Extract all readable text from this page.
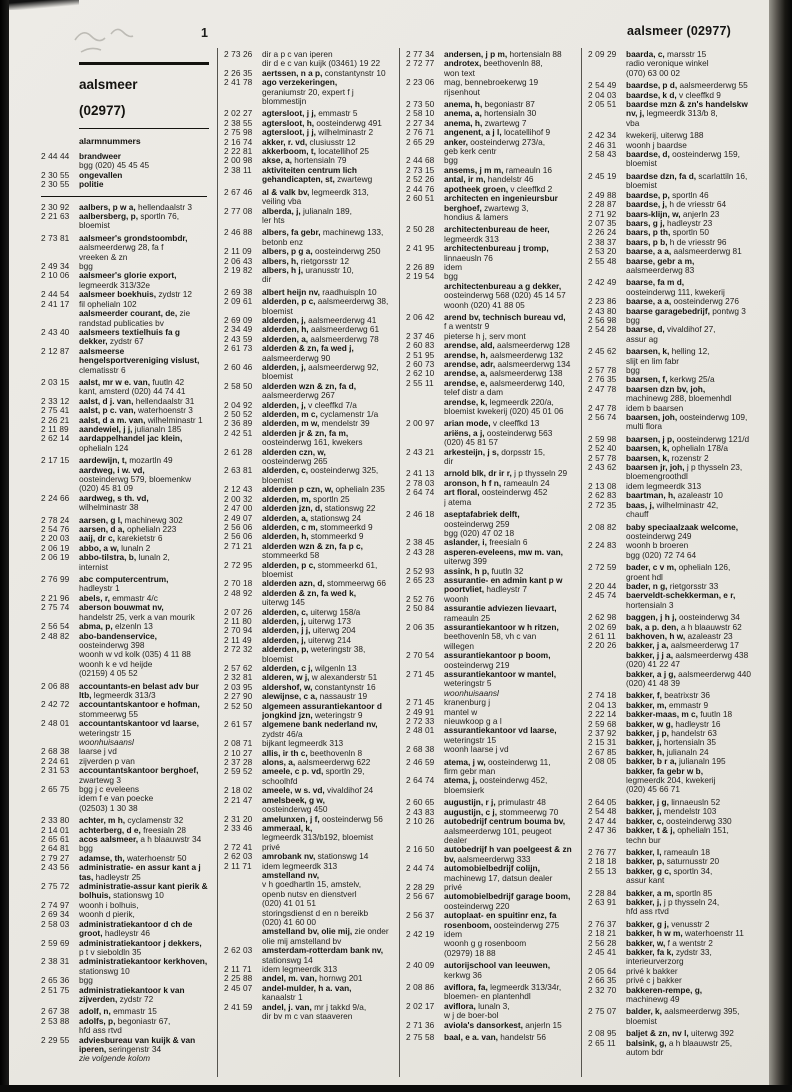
1	aalsmeer (02977)
aalsmeer
(02977)
alarmnummers
2 44 44	brandweer
bgg (020) 45 45 45
2 30 55	ongevallen
2 30 55	politie
2 30 92	aalbers, p w a, hellendaalstr 3
2 21 63	aalbersberg, p, sportln 76,
bloemist
2 73 81	aalsmeer's grondstoombdr,
aalsmeerderwg 28, fa f
vreeken & zn
2 49 34	bgg
2 10 06	aalsmeer's glorie export,
legmeerdk 313/32e
2 44 54	aalsmeer boekhuis, zydstr 12
2 41 17	fil ophelialn 102
aalsmeerder courant, de, zie
randstad publicaties bv
2 43 40	aalsmeers textielhuis fa g
dekker, zydstr 67
2 12 87	aalsmeerse
hengelsportvereniging vislust,
clematisstr 6
2 03 15	aalst, mr w e. van, fuutln 42
kant, amsterd (020) 44 74 41
2 33 12	aalst, d j. van, hellendaalstr 31
2 75 41	aalst, p c. van, waterhoenstr 3
2 26 21	aalst, d a m. van, wilhelminastr 1
2 11 89	aandewiel, j j, julianaln 185
2 62 14	aardappelhandel jac klein,
ophelialn 124
2 17 15	aardewijn, t, mozartln 49
aardweg, i w. vd,
oosteinderwg 579, bloemenkw
(020) 45 81 09
2 24 66	aardweg, s th. vd,
wilhelminastr 38
2 78 24	aarsen, g l, machinewg 302
2 54 76	aarsen, d a, ophelialn 223
2 20 03	aaij, dr c, karekietstr 6
2 06 19	abbo, a w, lunaln 2
2 06 19	abbo-tilstra, b, lunaln 2,
internist
2 76 99	abc computercentrum,
hadleystr 1
2 21 96	abels, r, emmastr 4/c
2 75 74	aberson bouwmat nv,
handelstr 25, verk a van mourik
2 56 54	abma, p, elzenln 13
2 48 82	abo-bandenservice,
oosteinderwg 398
woonh w vd kolk (035) 4 11 88
woonh k e vd heijde
(02159) 4 05 52
2 06 88	accountants-en belast adv bur
ltb, legmeerdk 313/3
2 42 72	accountantskantoor e hofman,
stommeerwg 55
2 48 01	accountantskantoor vd laarse,
weteringstr 15
woonhuisaansl
2 68 38	laarse j vd
2 24 61	zijverden p van
2 31 53	accountantskantoor berghoef,
zwartewg 3
2 65 75	bgg j c eveleens
idem f e van poecke
(02503) 1 30 38
2 33 80	achter, m h, cyclamenstr 32
2 14 01	achterberg, d e, freesialn 28
2 65 61	acos aalsmeer, a h blaauwstr 34
2 64 81	bgg
2 79 27	adamse, th, waterhoenstr 50
2 43 56	administratie- en assur kant a j
tas, hadleystr 25
2 75 72	administratie-assur kant pierik &
bolhuis, stationswg 10
2 74 97	woonh i bolhuis,
2 69 34	woonh d pierik,
2 58 03	administratiekantoor d ch de
groot, hadleystr 46
2 59 69	administratiekantoor j dekkers,
p t v sieboldln 35
2 38 31	administratiekantoor kerkhoven,
stationswg 10
2 65 36	bgg
2 51 75	administratiekantoor k van
zijverden, zydstr 72
2 67 38	adolf, n, emmastr 15
2 53 88	adolfs, p, begoniastr 67,
hfd ass rtvd
2 29 55	adviesbureau van kuijk & van
iperen, seringenstr 34
zie volgende kolom
2 73 26	dir a p c van iperen
dir d e c van kuijk (03461) 19 22
2 26 35	aertssen, n a p, constantynstr 10
2 41 78	ago verzekeringen,
geraniumstr 20, expert f j
blommestijn
2 02 27	agtersloot, j j, emmastr 5
2 38 55	agtersloot, h, oosteinderwg 491
2 75 98	agtersloot, j j, wilhelminastr 2
2 16 74	akker, r. vd, clusiusstr 12
2 22 81	akkerboom, t, locatellihof 25
2 00 98	akse, a, hortensialn 79
2 38 11	aktiviteiten centrum lich
gehandicapten, st, zwartewg
2 67 46	al & valk bv, legmeerdk 313,
veiling vba
2 77 08	alberda, j, julianaln 189,
ler hts
2 46 88	albers, fa gebr, machinewg 133,
betonb enz
2 11 09	albers, p g a, oosteinderwg 250
2 06 43	albers, h, rietgorsstr 12
2 19 82	albers, h j, uranusstr 10,
dir
2 69 38	albert heijn nv, raadhuispln 10
2 09 61	alderden, p c, aalsmeerderwg 38,
bloemist
2 69 09	alderden, j, aalsmeerderwg 41
2 34 49	alderden, h, aalsmeerderwg 61
2 43 59	alderden, a, aalsmeerderwg 78
2 61 73	alderden & zn, fa wed j,
aalsmeerderwg 90
2 60 46	alderden, j, aalsmeerderwg 92,
bloemist
2 58 50	alderden wzn & zn, fa d,
aalsmeerderwg 267
2 04 92	alderden, j, v cleeffkd 7/a
2 50 52	alderden, m c, cyclamenstr 1/a
2 36 89	alderden, m w, mendelstr 39
2 42 51	alderden jr & zn, fa m,
oosteinderwg 161, kwekers
2 61 28	alderden czn, w,
oosteinderwg 265
2 63 81	alderden, c, oosteinderwg 325,
bloemist
2 12 43	alderden p czn, w, ophelialn 235
2 00 32	alderden, m, sportln 25
2 47 00	alderden jzn, d, stationswg 22
2 49 07	alderden, a, stationswg 24
2 56 06	alderden, c m, stommeerkd 9
2 56 06	alderden, h, stommeerkd 9
2 71 21	alderden wzn & zn, fa p c,
stommeerkd 58
2 72 95	alderden, p c, stommeerkd 61,
bloemist
2 70 18	alderden azn, d, stommeerwg 66
2 48 92	alderden & zn, fa wed k,
uiterwg 145
2 07 26	alderden, c, uiterwg 158/a
2 11 80	alderden, j, uiterwg 173
2 70 94	alderden, j j, uiterwg 204
2 11 49	alderden, j, uiterwg 214
2 72 32	alderden, p, weteringstr 38,
bloemist
2 57 62	alderden, c j, wilgenln 13
2 32 81	alderen, w j, w alexanderstr 51
2 03 95	aldershof, w, constantynstr 16
2 27 90	alewijnse, c a, nassaustr 19
2 52 50	algemeen assurantiekantoor d
jongkind jzn, weteringstr 9
2 61 57	algemene bank nederland nv,
zydstr 46/a
2 08 71	bijkant legmeerdk 313
2 10 27	allis, ir th c, beethovenln 8
2 37 28	alons, a, aalsmeerderwg 622
2 59 52	ameele, c p. vd, sportln 29,
schoolhfd
2 18 02	ameele, w s. vd, vivaldihof 24
2 21 47	amelsbeek, g w,
oosteinderwg 450
2 31 20	amelunxen, j f, oosteinderwg 56
2 33 46	ammeraal, k,
legmeerdk 313/b192, bloemist
2 72 41	privé
2 62 03	amrobank nv, stationswg 14
2 11 71	idem legmeerdk 313
amstelland nv,
v h goedhartln 15, amstelv,
openb nutsv en dienstverl
(020) 41 01 51
storingsdienst d en n bereikb
(020) 41 60 00
amstelland bv, olie mij, zie onder
olie mij amstelland bv
2 62 03	amsterdam-rotterdam bank nv,
stationswg 14
2 11 71	idem legmeerdk 313
2 25 88	andel, m. van, hornwg 201
2 45 07	andel-mulder, h a. van,
kanaalstr 1
2 41 59	andel, j. van, mr j takkd 9/a,
dir bv m c van staaveren
2 77 34	andersen, j p m, hortensialn 88
2 72 77	androtex, beethovenln 88,
won text
2 23 06	mag, bennebroekerwg 19
rijsenhout
2 73 50	anema, h, begoniastr 87
2 58 10	anema, a, hortensialn 30
2 27 34	anema, h, zwartewg 7
2 76 71	angenent, a j l, locatellihof 9
2 65 29	anker, oosteinderwg 273/a,
geb kerk centr
2 44 68	bgg
2 73 15	ansems, j m m, rameauln 16
2 52 26	antal, ir m, handelstr 46
2 44 76	apotheek groen, v cleeffkd 2
2 60 51	architecten en ingenieursbur
berghoef, zwartewg 3,
hondius & lamers
2 50 28	architectenbureau de heer,
legmeerdk 313
2 41 95	architectenbureau j tromp,
linnaeusln 76
2 26 89	idem
2 19 54	bgg
architectenbureau a g dekker,
oosteinderwg 568 (020) 45 14 57
woonh (020) 41 88 05
2 06 42	arend bv, technisch bureau vd,
f a wentstr 9
2 37 46	pieterse h j, serv mont
2 60 83	arendse, ald, aalsmeerderwg 128
2 51 95	arendse, h, aalsmeerderwg 132
2 60 73	arendse, adr, aalsmeerderwg 134
2 62 10	arendse, a, aalsmeerderwg 138
2 55 11	arendse, e, aalsmeerderwg 140,
telef distr a dam
arendse, k, legmeerdk 220/a,
bloemist kwekerij (020) 45 01 06
2 00 97	arian mode, v cleeffkd 13
ariëns, a j, oosteinderwg 563
(020) 45 81 57
2 43 21	arkesteijn, j s, dorpsstr 15,
dir
2 41 13	arnold blk, dr ir r, j p thysseln 29
2 78 03	aronson, h f n, rameauln 24
2 64 74	art floral, oosteinderwg 452
j atema
2 46 18	aseptafabriek delft,
oosteinderwg 259
bgg (020) 47 02 18
2 38 45	aslander, i, freesialn 6
2 43 28	asperen-eveleens, mw m. van,
uiterwg 399
2 52 93	assink, h p, fuutln 32
2 65 23	assurantie- en admin kant p w
poortvliet, hadleystr 7
2 52 76	woonh
2 50 84	assurantie adviezen lievaart,
rameauln 25
2 06 35	assurantiekantoor w h ritzen,
beethovenln 58, vh c van
willegen
2 70 54	assurantiekantoor p boom,
oosteinderwg 219
2 71 45	assurantiekantoor w mantel,
weteringstr 5
woonhuisaansl
2 71 45	kranenburg j
2 49 91	mantel w
2 72 33	nieuwkoop g a l
2 48 01	assurantiekantoor vd laarse,
weteringstr 15
2 68 38	woonh laarse j vd
2 46 59	atema, j w, oosteinderwg 11,
firm gebr man
2 64 74	atema, j, oosteinderwg 452,
bloemsierk
2 60 65	augustijn, r j, primulastr 48
2 43 83	augustijn, c j, stommeerwg 70
2 10 26	autobedrijf centrum bouma bv,
aalsmeerderwg 101, peugeot
dealer
2 16 50	autobedrijf h van poelgeest & zn
bv, aalsmeerderwg 333
2 44 74	automobielbedrijf colijn,
machinewg 17, datsun dealer
2 28 29	privé
2 56 67	automobielbedrijf garage boom,
oosteinderwg 220
2 56 37	autoplaat- en spuitinr enz, fa
rosenboom, oosteinderwg 275
2 42 19	idem
woonh g g rosenboom
(02979) 18 88
2 40 09	autorijschool van leeuwen,
kerkwg 36
2 08 86	aviflora, fa, legmeerdk 313/34r,
bloemen- en plantenhdl
2 02 17	aviflora, lunaln 3,
w j de boer-bol
2 71 36	aviola's dansorkest, anjerln 15
2 75 58	baal, e a. van, handelstr 56
2 09 29	baarda, c, marsstr 15
radio veronique winkel
(070) 63 00 02
2 54 49	baardse, p d, aalsmeerderwg 55
2 04 03	baardse, k d, v cleeffkd 9
2 05 51	baardse mzn & zn's handelskw
nv, j, legmeerdk 313/b 8,
vba
2 42 34	kwekerij, uiterwg 188
2 46 31	woonh j baardse
2 58 43	baardse, d, oosteinderwg 159,
bloemist
2 45 19	baardse dzn, fa d, scarlattiln 16,
bloemist
2 49 88	baardse, p, sportln 46
2 28 87	baardse, j, h de vriesstr 64
2 71 92	baars-klijn, w, anjerln 23
2 07 35	baars, g j, hadleystr 23
2 26 24	baars, p th, sportln 50
2 38 37	baars, p b, h de vriesstr 96
2 53 20	baarse, a a, aalsmeerderwg 81
2 55 48	baarse, gebr a m,
aalsmeerderwg 83
2 42 49	baarse, fa m d,
oosteinderwg 111, kwekerij
2 23 86	baarse, a a, oosteinderwg 276
2 43 80	baarse garagebedrijf, pontwg 3
2 56 98	bgg
2 54 28	baarse, d, vivaldihof 27,
assur ag
2 45 62	baarsen, k, helling 12,
slijt en lim fabr
2 57 78	bgg
2 76 35	baarsen, f, kerkwg 25/a
2 47 78	baarsen dzn bv, joh,
machinewg 288, bloemenhdl
2 47 78	idem b baarsen
2 56 74	baarsen, joh, oosteinderwg 109,
multi flora
2 59 98	baarsen, j p, oosteinderwg 121/d
2 52 40	baarsen, k, ophelialn 178/a
2 57 78	baarsen, k, rozenstr 2
2 43 62	baarsen jr, joh, j p thysseln 23,
bloemengroothdl
2 13 08	idem legmeerdk 313
2 62 83	baartman, h, azaleastr 10
2 72 35	baas, j, wilhelminastr 42,
chauff
2 08 82	baby speciaalzaak welcome,
oosteinderwg 249
2 24 83	woonh b broeren
bgg (020) 72 74 64
2 72 59	bader, c v m, ophelialn 126,
groent hdl
2 20 44	bader, n g, rietgorsstr 33
2 45 74	baerveldt-schekkerman, e r,
hortensialn 3
2 62 98	baggen, j h j, oosteinderwg 34
2 02 69	bak, a p. den, a h blaauwstr 62
2 61 11	bakhoven, h w, azaleastr 23
2 20 26	bakker, j a, aalsmeerderwg 17
bakker, j j a, aalsmeerderwg 438
(020) 41 22 47
bakker, a j g, aalsmeerderwg 440
(020) 41 48 39
2 74 18	bakker, f, beatrixstr 36
2 04 13	bakker, m, emmastr 9
2 22 14	bakker-maas, m c, fuutln 18
2 59 68	bakker, w g, hadleystr 16
2 37 92	bakker, j p, handelstr 63
2 15 31	bakker, j, hortensialn 35
2 67 85	bakker, h, julianaln 24
2 08 05	bakker, b r a, julianaln 195
bakker, fa gebr w b,
legmeerdk 204, kwekerij
(020) 45 66 71
2 64 05	bakker, j g, linnaeusln 52
2 54 48	bakker, j, mendelstr 103
2 47 44	bakker, c, oosteinderwg 330
2 47 36	bakker, t & j, ophelialn 151,
techn bur
2 76 77	bakker, l, rameauln 18
2 18 18	bakker, p, saturnusstr 20
2 55 13	bakker, g c, sportln 34,
assur kant
2 28 84	bakker, a m, sportln 85
2 63 91	bakker, j, j p thysseln 24,
hfd ass rtvd
2 76 37	bakker, g j, venusstr 2
2 18 21	bakker, h w m, waterhoenstr 11
2 56 28	bakker, w, f a wentstr 2
2 45 41	bakker, fa k, zydstr 33,
interieurverzorg
2 05 64	privé k bakker
2 66 35	privé c j bakker
2 32 70	bakkeren-rempe, g,
machinewg 49
2 75 07	balder, k, aalsmeerderwg 395,
bloemist
2 08 95	baljet & zn, nv l, uiterwg 392
2 65 11	balsink, g, a h blaauwstr 25,
autom bdr
